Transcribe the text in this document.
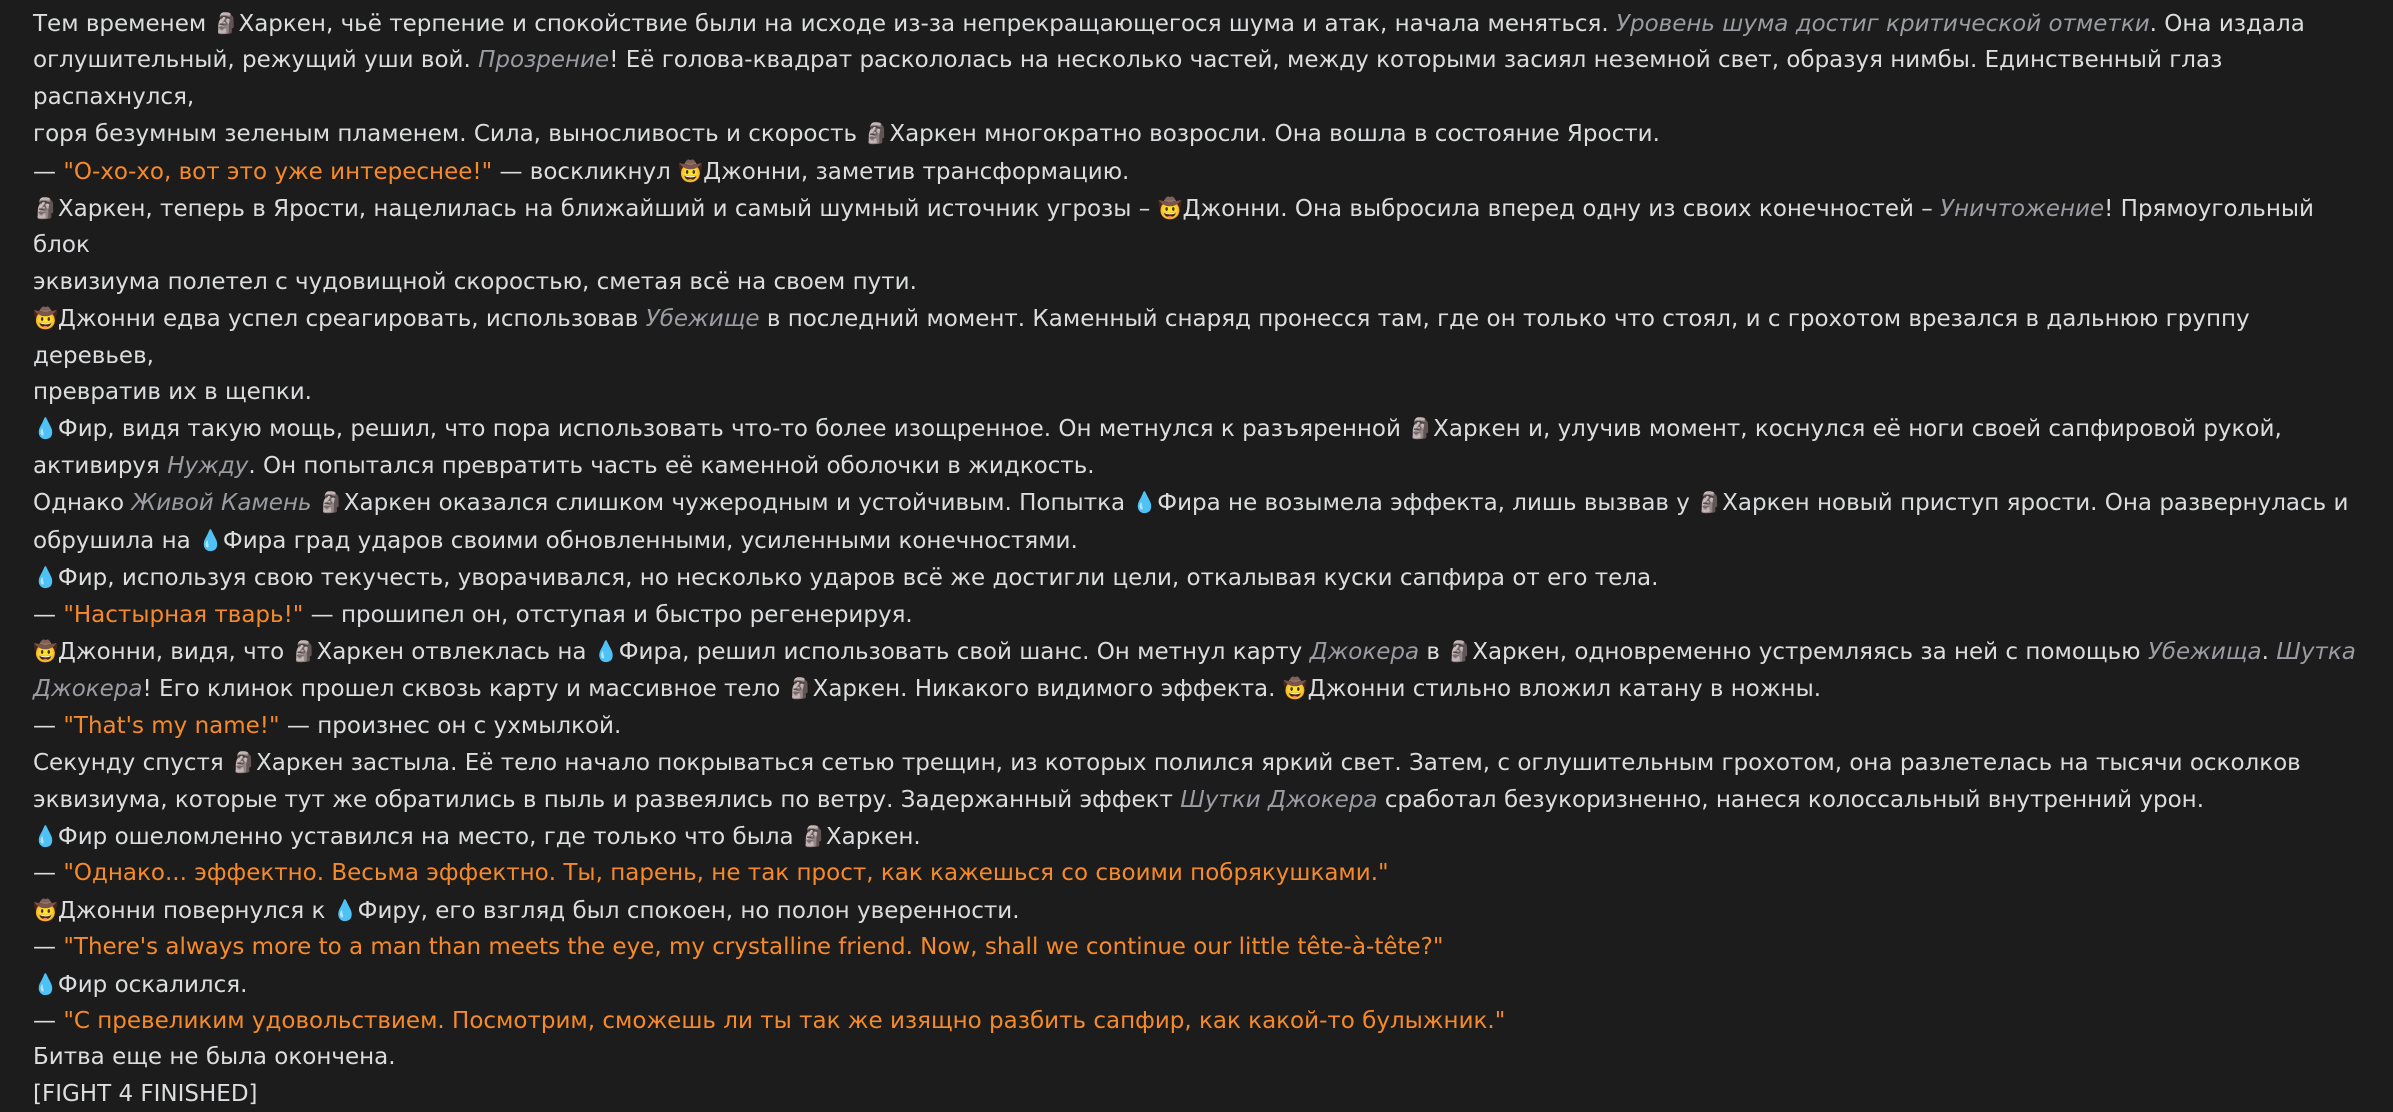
Тем временем 🗿Харкен, чьё терпение и спокойствие были на исходе из-за непрекращающегося шума и атак, начала меняться. Уровень шума достиг критической отметки. Она издала
оглушительный, режущий уши вой. Прозрение! Её голова-квадрат раскололась на несколько частей, между которыми засиял неземной свет, образуя нимбы. Единственный глаз распахнулся,
горя безумным зеленым пламенем. Сила, выносливость и скорость 🗿Харкен многократно возросли. Она вошла в состояние Ярости.
— "О-хо-хо, вот это уже интереснее!" — воскликнул 🤠Джонни, заметив трансформацию.
🗿Харкен, теперь в Ярости, нацелилась на ближайший и самый шумный источник угрозы – 🤠Джонни. Она выбросила вперед одну из своих конечностей – Уничтожение! Прямоугольный блок
эквизиума полетел с чудовищной скоростью, сметая всё на своем пути.
🤠Джонни едва успел среагировать, использовав Убежище в последний момент. Каменный снаряд пронесся там, где он только что стоял, и с грохотом врезался в дальнюю группу деревьев,
превратив их в щепки.
💧Фир, видя такую мощь, решил, что пора использовать что-то более изощренное. Он метнулся к разъяренной 🗿Харкен и, улучив момент, коснулся её ноги своей сапфировой рукой,
активируя Нужду. Он попытался превратить часть её каменной оболочки в жидкость.
Однако Живой Камень 🗿Харкен оказался слишком чужеродным и устойчивым. Попытка 💧Фира не возымела эффекта, лишь вызвав у 🗿Харкен новый приступ ярости. Она развернулась и
обрушила на 💧Фира град ударов своими обновленными, усиленными конечностями.
💧Фир, используя свою текучесть, уворачивался, но несколько ударов всё же достигли цели, откалывая куски сапфира от его тела.
— "Настырная тварь!" — прошипел он, отступая и быстро регенерируя.
🤠Джонни, видя, что 🗿Харкен отвлеклась на 💧Фира, решил использовать свой шанс. Он метнул карту Джокера в 🗿Харкен, одновременно устремляясь за ней с помощью Убежища. Шутка
Джокера! Его клинок прошел сквозь карту и массивное тело 🗿Харкен. Никакого видимого эффекта. 🤠Джонни стильно вложил катану в ножны.
— "That's my name!" — произнес он с ухмылкой.
Секунду спустя 🗿Харкен застыла. Её тело начало покрываться сетью трещин, из которых полился яркий свет. Затем, с оглушительным грохотом, она разлетелась на тысячи осколков
эквизиума, которые тут же обратились в пыль и развеялись по ветру. Задержанный эффект Шутки Джокера сработал безукоризненно, нанеся колоссальный внутренний урон.
💧Фир ошеломленно уставился на место, где только что была 🗿Харкен.
— "Однако... эффектно. Весьма эффектно. Ты, парень, не так прост, как кажешься со своими побрякушками."
🤠Джонни повернулся к 💧Фиру, его взгляд был спокоен, но полон уверенности.
— "There's always more to a man than meets the eye, my crystalline friend. Now, shall we continue our little tête-à-tête?"
💧Фир оскалился.
— "С превеликим удовольствием. Посмотрим, сможешь ли ты так же изящно разбить сапфир, как какой-то булыжник."
Битва еще не была окончена.
[FIGHT 4 FINISHED]
